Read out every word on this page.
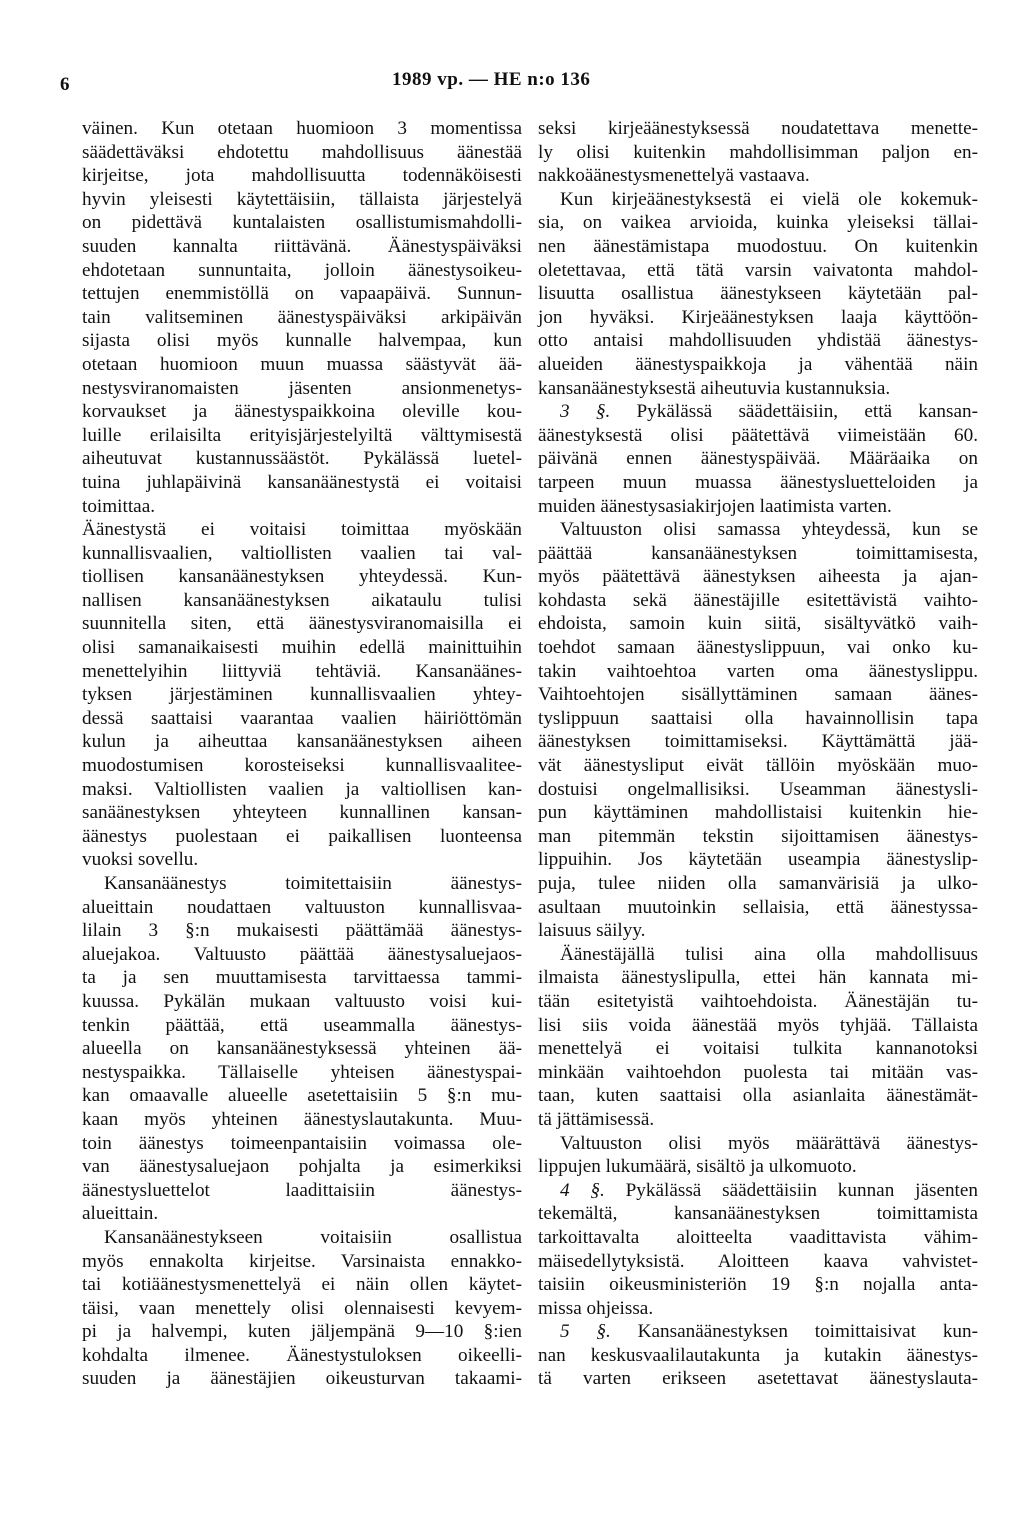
6	1989 vp. — HE n:o 136
väinen. Kun otetaan huomioon 3 momentissa
säädettäväksi ehdotettu mahdollisuus äänestää
kirjeitse, jota mahdollisuutta todennäköisesti
hyvin yleisesti käytettäisiin, tällaista järjestelyä
on pidettävä kuntalaisten osallistumismahdolli-
suuden kannalta riittävänä. Äänestyspäiväksi
ehdotetaan sunnuntaita, jolloin äänestysoikeu-
tettujen enemmistöllä on vapaapäivä. Sunnun-
tain valitseminen äänestyspäiväksi arkipäivän
sijasta olisi myös kunnalle halvempaa, kun
otetaan huomioon muun muassa säästyvät ää-
nestysviranomaisten jäsenten ansionmenetys-
korvaukset ja äänestyspaikkoina oleville kou-
luille erilaisilta erityisjärjestelyiltä välttymisestä
aiheutuvat kustannussäästöt. Pykälässä luetel-
tuina juhlapäivinä kansanäänestystä ei voitaisi
toimittaa.
Äänestystä ei voitaisi toimittaa myöskään
kunnallisvaalien, valtiollisten vaalien tai val-
tiollisen kansanäänestyksen yhteydessä. Kun-
nallisen kansanäänestyksen aikataulu tulisi
suunnitella siten, että äänestysviranomaisilla ei
olisi samanaikaisesti muihin edellä mainittuihin
menettelyihin liittyviä tehtäviä. Kansanäänes-
tyksen järjestäminen kunnallisvaalien yhtey-
dessä saattaisi vaarantaa vaalien häiriöttömän
kulun ja aiheuttaa kansanäänestyksen aiheen
muodostumisen korosteiseksi kunnallisvaalitee-
maksi. Valtiollisten vaalien ja valtiollisen kan-
sanäänestyksen yhteyteen kunnallinen kansan-
äänestys puolestaan ei paikallisen luonteensa
vuoksi sovellu.
Kansanäänestys toimitettaisiin äänestys-
alueittain noudattaen valtuuston kunnallisvaa-
lilain 3 §:n mukaisesti päättämää äänestys-
aluejakoa. Valtuusto päättää äänestysaluejaos-
ta ja sen muuttamisesta tarvittaessa tammi-
kuussa. Pykälän mukaan valtuusto voisi kui-
tenkin päättää, että useammalla äänestys-
alueella on kansanäänestyksessä yhteinen ää-
nestyspaikka. Tällaiselle yhteisen äänestyspai-
kan omaavalle alueelle asetettaisiin 5 §:n mu-
kaan myös yhteinen äänestyslautakunta. Muu-
toin äänestys toimeenpantaisiin voimassa ole-
van äänestysaluejaon pohjalta ja esimerkiksi
äänestysluettelot laadittaisiin äänestys-
alueittain.
Kansanäänestykseen voitaisiin osallistua
myös ennakolta kirjeitse. Varsinaista ennakko-
tai kotiäänestysmenettelyä ei näin ollen käytet-
täisi, vaan menettely olisi olennaisesti kevyem-
pi ja halvempi, kuten jäljempänä 9—10 §:ien
kohdalta ilmenee. Äänestystuloksen oikeelli-
suuden ja äänestäjien oikeusturvan takaami-
seksi kirjeäänestyksessä noudatettava menette-
ly olisi kuitenkin mahdollisimman paljon en-
nakkoäänestysmenettelyä vastaava.
Kun kirjeäänestyksestä ei vielä ole kokemuk-
sia, on vaikea arvioida, kuinka yleiseksi tällai-
nen äänestämistapa muodostuu. On kuitenkin
oletettavaa, että tätä varsin vaivatonta mahdol-
lisuutta osallistua äänestykseen käytetään pal-
jon hyväksi. Kirjeäänestyksen laaja käyttöön-
otto antaisi mahdollisuuden yhdistää äänestys-
alueiden äänestyspaikkoja ja vähentää näin
kansanäänestyksestä aiheutuvia kustannuksia.
3 §. Pykälässä säädettäisiin, että kansan-
äänestyksestä olisi päätettävä viimeistään 60.
päivänä ennen äänestyspäivää. Määräaika on
tarpeen muun muassa äänestysluetteloiden ja
muiden äänestysasiakirjojen laatimista varten.
Valtuuston olisi samassa yhteydessä, kun se
päättää kansanäänestyksen toimittamisesta,
myös päätettävä äänestyksen aiheesta ja ajan-
kohdasta sekä äänestäjille esitettävistä vaihto-
ehdoista, samoin kuin siitä, sisältyvätkö vaih-
toehdot samaan äänestyslippuun, vai onko ku-
takin vaihtoehtoa varten oma äänestyslippu.
Vaihtoehtojen sisällyttäminen samaan äänes-
tyslippuun saattaisi olla havainnollisin tapa
äänestyksen toimittamiseksi. Käyttämättä jää-
vät äänestysliput eivät tällöin myöskään muo-
dostuisi ongelmallisiksi. Useamman äänestysli-
pun käyttäminen mahdollistaisi kuitenkin hie-
man pitemmän tekstin sijoittamisen äänestys-
lippuihin. Jos käytetään useampia äänestyslip-
puja, tulee niiden olla samanvärisiä ja ulko-
asultaan muutoinkin sellaisia, että äänestyssa-
laisuus säilyy.
Äänestäjällä tulisi aina olla mahdollisuus
ilmaista äänestyslipulla, ettei hän kannata mi-
tään esitetyistä vaihtoehdoista. Äänestäjän tu-
lisi siis voida äänestää myös tyhjää. Tällaista
menettelyä ei voitaisi tulkita kannanotoksi
minkään vaihtoehdon puolesta tai mitään vas-
taan, kuten saattaisi olla asianlaita äänestämät-
tä jättämisessä.
Valtuuston olisi myös määrättävä äänestys-
lippujen lukumäärä, sisältö ja ulkomuoto.
4 §. Pykälässä säädettäisiin kunnan jäsenten
tekemältä, kansanäänestyksen toimittamista
tarkoittavalta aloitteelta vaadittavista vähim-
mäisedellytyksistä. Aloitteen kaava vahvistet-
taisiin oikeusministeriön 19 §:n nojalla anta-
missa ohjeissa.
5 §. Kansanäänestyksen toimittaisivat kun-
nan keskusvaalilautakunta ja kutakin äänestys-
tä varten erikseen asetettavat äänestyslauta-
